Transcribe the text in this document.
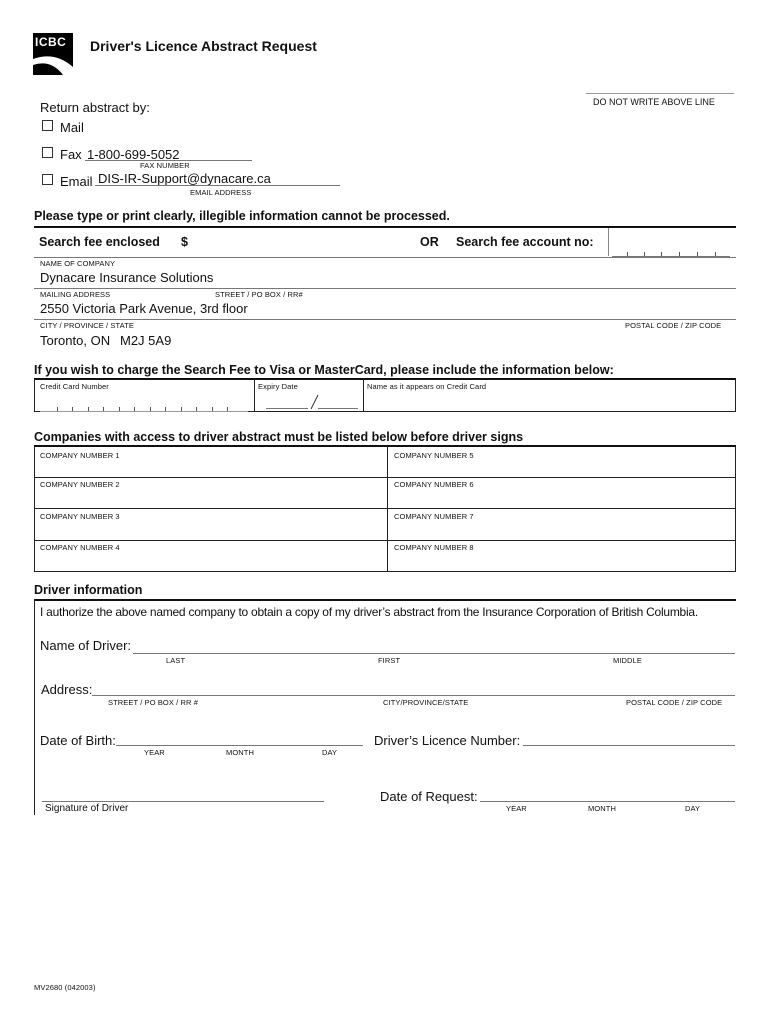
ICBC Driver's Licence Abstract Request
DO NOT WRITE ABOVE LINE
Return abstract by:
Mail
Fax 1-800-699-5052
FAX NUMBER
Email DIS-IR-Support@dynacare.ca
EMAIL ADDRESS
Please type or print clearly, illegible information cannot be processed.
Search fee enclosed $	OR Search fee account no:
NAME OF COMPANY
Dynacare Insurance Solutions
MAILING ADDRESS	STREET / PO BOX / RR#
2550 Victoria Park Avenue, 3rd floor
CITY / PROVINCE / STATE	POSTAL CODE / ZIP CODE
Toronto, ON M2J 5A9
If you wish to charge the Search Fee to Visa or MasterCard, please include the information below:
Credit Card Number	Expiry Date	Name as it appears on Credit Card
Companies with access to driver abstract must be listed below before driver signs
COMPANY NUMBER 1	COMPANY NUMBER 5
COMPANY NUMBER 2	COMPANY NUMBER 6
COMPANY NUMBER 3	COMPANY NUMBER 7
COMPANY NUMBER 4	COMPANY NUMBER 8
Driver information
I authorize the above named company to obtain a copy of my driver’s abstract from the Insurance Corporation of British Columbia.
Name of Driver:
LAST	FIRST	MIDDLE
Address:
STREET / PO BOX / RR #	CITY/PROVINCE/STATE	POSTAL CODE / ZIP CODE
Date of Birth:
YEAR	MONTH	DAY
Driver’s Licence Number:
Signature of Driver
Date of Request:
YEAR	MONTH	DAY
MV2680 (042003)
